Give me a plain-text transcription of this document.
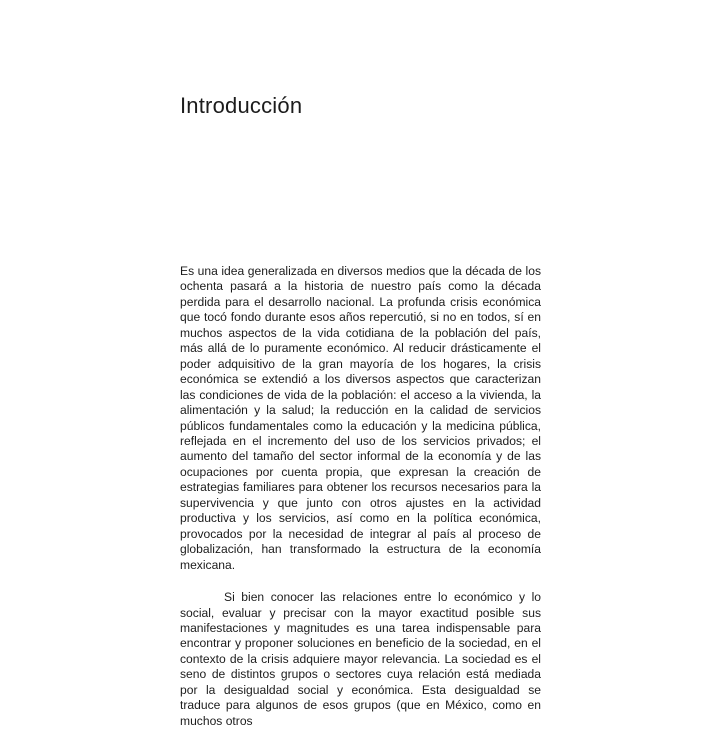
Introducción

Es una idea generalizada en diversos medios que la década de los ochenta pasará a la historia de nuestro país como la década perdida para el desarrollo nacional. La profunda crisis económica que tocó fondo durante esos años repercutió, si no en todos, sí en muchos aspectos de la vida cotidiana de la población del país, más allá de lo puramente económico. Al reducir drásticamente el poder adquisitivo de la gran mayoría de los hogares, la crisis económica se extendió a los diversos aspectos que caracterizan las condiciones de vida de la población: el acceso a la vivienda, la alimentación y la salud; la reducción en la calidad de servicios públicos fundamentales como la educación y la medicina pública, reflejada en el incremento del uso de los servicios privados; el aumento del tamaño del sector informal de la economía y de las ocupaciones por cuenta propia, que expresan la creación de estrategias familiares para obtener los recursos necesarios para la supervivencia y que junto con otros ajustes en la actividad productiva y los servicios, así como en la política económica, provocados por la necesidad de integrar al país al proceso de globalización, han transformado la estructura de la economía mexicana.

Si bien conocer las relaciones entre lo económico y lo social, evaluar y precisar con la mayor exactitud posible sus manifestaciones y magnitudes es una tarea indispensable para encontrar y proponer soluciones en beneficio de la sociedad, en el contexto de la crisis adquiere mayor relevancia. La sociedad es el seno de distintos grupos o sectores cuya relación está mediada por la desigualdad social y económica. Esta desigualdad se traduce para algunos de esos grupos (que en México, como en muchos otros
